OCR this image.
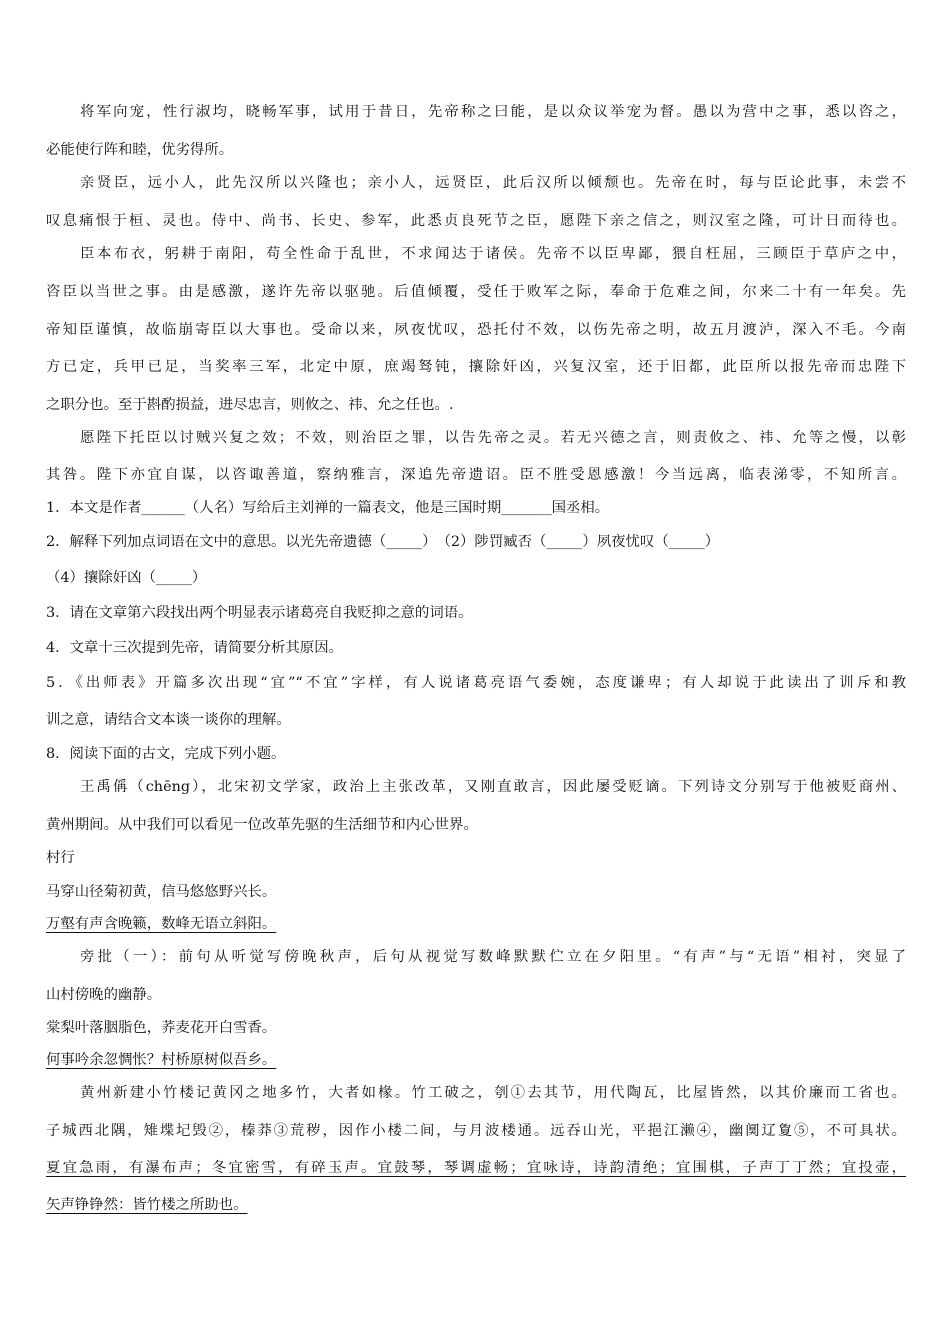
将军向宠，性行淑均，晓畅军事，试用于昔日，先帝称之曰能，是以众议举宠为督。愚以为营中之事，悉以咨之，
必能使行阵和睦，优劣得所。
亲贤臣，远小人，此先汉所以兴隆也；亲小人，远贤臣，此后汉所以倾颓也。先帝在时，每与臣论此事，未尝不
叹息痛恨于桓、灵也。侍中、尚书、长史、参军，此悉贞良死节之臣，愿陛下亲之信之，则汉室之隆，可计日而待也。
臣本布衣，躬耕于南阳，苟全性命于乱世，不求闻达于诸侯。先帝不以臣卑鄙，猥自枉屈，三顾臣于草庐之中，
咨臣以当世之事。由是感激，遂许先帝以驱驰。后值倾覆，受任于败军之际，奉命于危难之间，尔来二十有一年矣。先
帝知臣谨慎，故临崩寄臣以大事也。受命以来，夙夜忧叹，恐托付不效，以伤先帝之明，故五月渡泸，深入不毛。今南
方已定，兵甲已足，当奖率三军，北定中原，庶竭驽钝，攘除奸凶，兴复汉室，还于旧都，此臣所以报先帝而忠陛下
之职分也。至于斟酌损益，进尽忠言，则攸之、祎、允之任也。.
愿陛下托臣以讨贼兴复之效；不效，则治臣之罪，以告先帝之灵。若无兴德之言，则责攸之、祎、允等之慢，以彰
其咎。陛下亦宜自谋，以咨诹善道，察纳雅言，深追先帝遗诏。臣不胜受恩感激！今当远离，临表涕零，不知所言。
1．本文是作者______（人名）写给后主刘禅的一篇表文，他是三国时期_______国丞相。
2．解释下列加点词语在文中的意思。以光先帝遗德（_____）　（2）陟罚臧否（_____）夙夜忧叹（_____）
（4）攘除奸凶（_____）
3．请在文章第六段找出两个明显表示诸葛亮自我贬抑之意的词语。
4．文章十三次提到先帝，请简要分析其原因。
5．《出师表》开篇多次出现“宜”“不宜”字样，有人说诸葛亮语气委婉，态度谦卑；有人却说于此读出了训斥和教
训之意，请结合文本谈一谈你的理解。
8．阅读下面的古文，完成下列小题。
王禹偁（chēng），北宋初文学家，政治上主张改革，又刚直敢言，因此屡受贬谪。下列诗文分别写于他被贬商州、
黄州期间。从中我们可以看见一位改革先驱的生活细节和内心世界。
村行
马穿山径菊初黄，信马悠悠野兴长。
万壑有声含晚籁，数峰无语立斜阳。
旁批（一）：前句从听觉写傍晚秋声，后句从视觉写数峰默默伫立在夕阳里。“有声”与“无语”相衬，突显了
山村傍晚的幽静。
棠梨叶落胭脂色，荞麦花开白雪香。
何事吟余忽惆怅？村桥原树似吾乡。
黄州新建小竹楼记黄冈之地多竹，大者如椽。竹工破之，刳①去其节，用代陶瓦，比屋皆然，以其价廉而工省也。
子城西北隅，雉堞圮毁②，榛莽③荒秽，因作小楼二间，与月波楼通。远吞山光，平挹江濑④，幽阒辽夐⑤，不可具状。
夏宜急雨，有瀑布声；冬宜密雪，有碎玉声。宜鼓琴，琴调虚畅；宜咏诗，诗韵清绝；宜围棋，子声丁丁然；宜投壶，
矢声铮铮然：皆竹楼之所助也。
